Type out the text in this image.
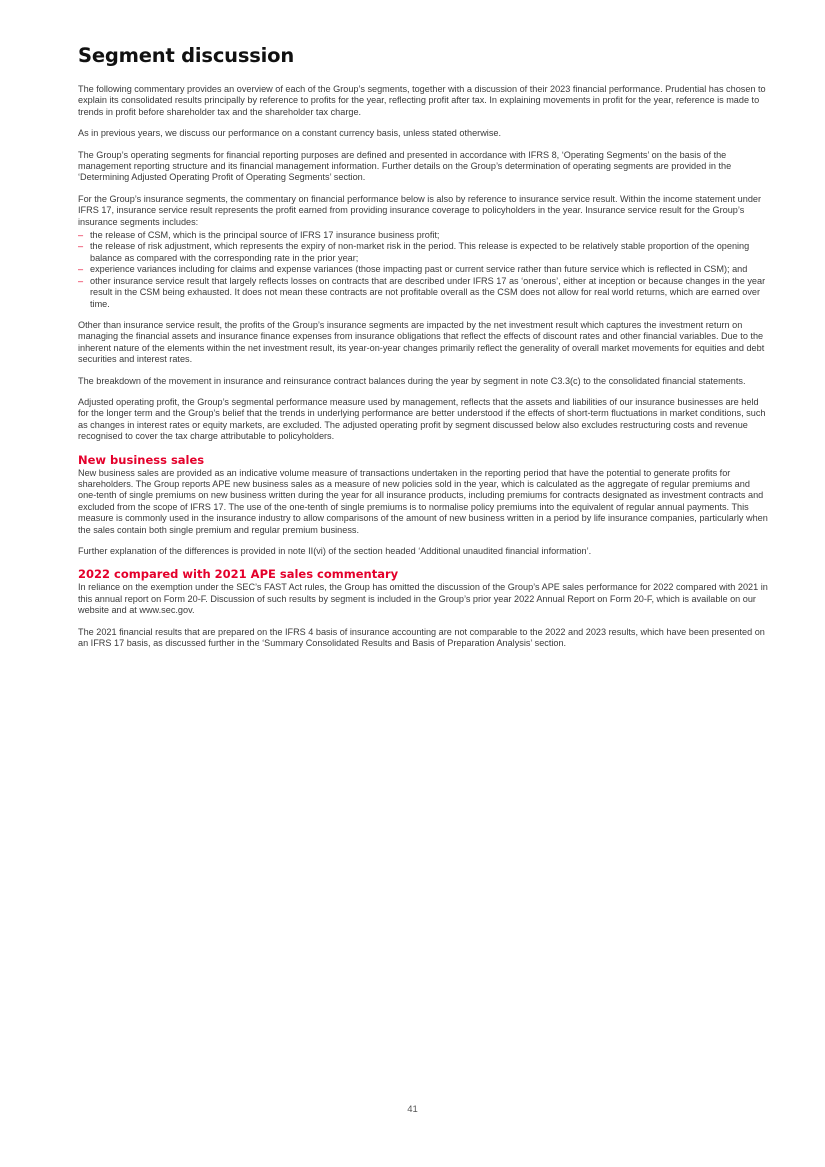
Segment discussion

The following commentary provides an overview of each of the Group’s segments, together with a discussion of their 2023 financial performance. Prudential has chosen to explain its consolidated results principally by reference to profits for the year, reflecting profit after tax. In explaining movements in profit for the year, reference is made to trends in profit before shareholder tax and the shareholder tax charge.

As in previous years, we discuss our performance on a constant currency basis, unless stated otherwise.

The Group’s operating segments for financial reporting purposes are defined and presented in accordance with IFRS 8, ‘Operating Segments’ on the basis of the management reporting structure and its financial management information. Further details on the Group’s determination of operating segments are provided in the ‘Determining Adjusted Operating Profit of Operating Segments’ section.

For the Group’s insurance segments, the commentary on financial performance below is also by reference to insurance service result. Within the income statement under IFRS 17, insurance service result represents the profit earned from providing insurance coverage to policyholders in the year. Insurance service result for the Group’s insurance segments includes:

– the release of CSM, which is the principal source of IFRS 17 insurance business profit;
– the release of risk adjustment, which represents the expiry of non-market risk in the period. This release is expected to be relatively stable proportion of the opening balance as compared with the corresponding rate in the prior year;
– experience variances including for claims and expense variances (those impacting past or current service rather than future service which is reflected in CSM); and
– other insurance service result that largely reflects losses on contracts that are described under IFRS 17 as ‘onerous’, either at inception or because changes in the year result in the CSM being exhausted. It does not mean these contracts are not profitable overall as the CSM does not allow for real world returns, which are earned over time.

Other than insurance service result, the profits of the Group’s insurance segments are impacted by the net investment result which captures the investment return on managing the financial assets and insurance finance expenses from insurance obligations that reflect the effects of discount rates and other financial variables. Due to the inherent nature of the elements within the net investment result, its year-on-year changes primarily reflect the generality of overall market movements for equities and debt securities and interest rates.

The breakdown of the movement in insurance and reinsurance contract balances during the year by segment in note C3.3(c) to the consolidated financial statements.

Adjusted operating profit, the Group’s segmental performance measure used by management, reflects that the assets and liabilities of our insurance businesses are held for the longer term and the Group’s belief that the trends in underlying performance are better understood if the effects of short-term fluctuations in market conditions, such as changes in interest rates or equity markets, are excluded. The adjusted operating profit by segment discussed below also excludes restructuring costs and revenue recognised to cover the tax charge attributable to policyholders.

New business sales

New business sales are provided as an indicative volume measure of transactions undertaken in the reporting period that have the potential to generate profits for shareholders. The Group reports APE new business sales as a measure of new policies sold in the year, which is calculated as the aggregate of regular premiums and one-tenth of single premiums on new business written during the year for all insurance products, including premiums for contracts designated as investment contracts and excluded from the scope of IFRS 17. The use of the one-tenth of single premiums is to normalise policy premiums into the equivalent of regular annual payments. This measure is commonly used in the insurance industry to allow comparisons of the amount of new business written in a period by life insurance companies, particularly when the sales contain both single premium and regular premium business.

Further explanation of the differences is provided in note II(vi) of the section headed ‘Additional unaudited financial information’.

2022 compared with 2021 APE sales commentary

In reliance on the exemption under the SEC’s FAST Act rules, the Group has omitted the discussion of the Group’s APE sales performance for 2022 compared with 2021 in this annual report on Form 20-F. Discussion of such results by segment is included in the Group’s prior year 2022 Annual Report on Form 20-F, which is available on our website and at www.sec.gov.

The 2021 financial results that are prepared on the IFRS 4 basis of insurance accounting are not comparable to the 2022 and 2023 results, which have been presented on an IFRS 17 basis, as discussed further in the ‘Summary Consolidated Results and Basis of Preparation Analysis’ section.

41
